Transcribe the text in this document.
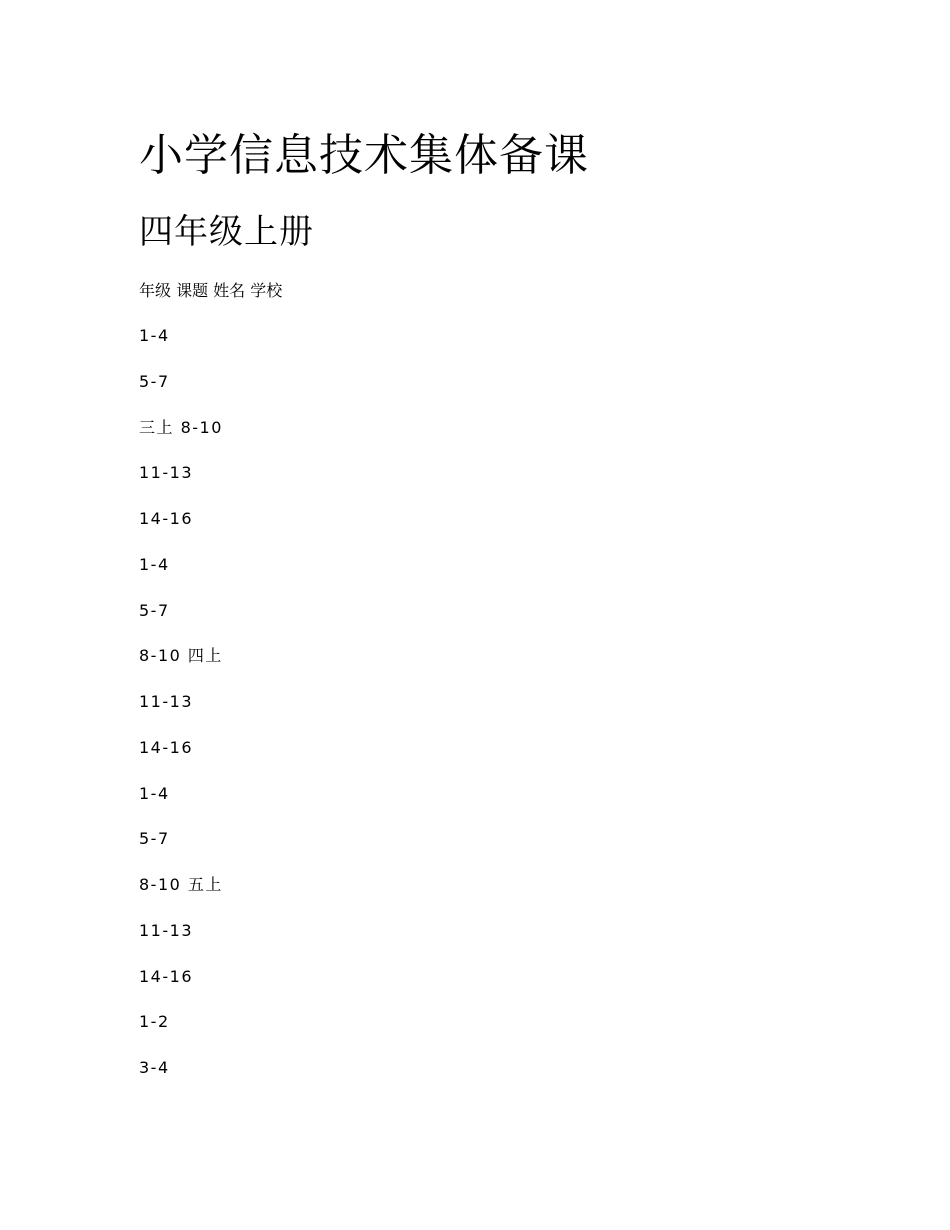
小学信息技术集体备课
四年级上册

年级 课题 姓名 学校

1-4
5-7
三上 8-10
11-13
14-16
1-4
5-7
8-10 四上
11-13
14-16
1-4
5-7
8-10 五上
11-13
14-16
1-2
3-4
